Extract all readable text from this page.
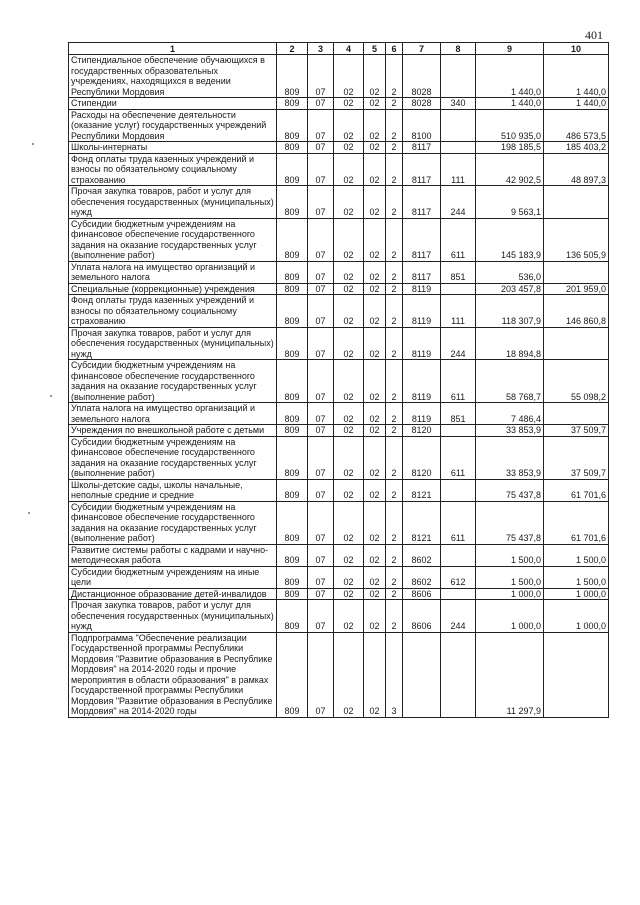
401
1	2	3	4	5	6	7	8	9	10
Стипендиальное обеспечение обучающихся в государственных образовательных учреждениях, находящихся в ведении Республики Мордовия	809	07	02	02	2	8028		1 440,0	1 440,0
Стипендии	809	07	02	02	2	8028	340	1 440,0	1 440,0
Расходы на обеспечение деятельности (оказание услуг) государственных учреждений Республики Мордовия	809	07	02	02	2	8100		510 935,0	486 573,5
Школы-интернаты	809	07	02	02	2	8117		198 185,5	185 403,2
Фонд оплаты труда казенных учреждений и взносы по обязательному социальному страхованию	809	07	02	02	2	8117	111	42 902,5	48 897,3
Прочая закупка товаров, работ и услуг для обеспечения государственных (муниципальных) нужд	809	07	02	02	2	8117	244	9 563,1	
Субсидии бюджетным учреждениям на финансовое обеспечение государственного задания на оказание государственных услуг (выполнение работ)	809	07	02	02	2	8117	611	145 183,9	136 505,9
Уплата налога на имущество организаций и земельного налога	809	07	02	02	2	8117	851	536,0	
Специальные (коррекционные) учреждения	809	07	02	02	2	8119		203 457,8	201 959,0
Фонд оплаты труда казенных учреждений и взносы по обязательному социальному страхованию	809	07	02	02	2	8119	111	118 307,9	146 860,8
Прочая закупка товаров, работ и услуг для обеспечения государственных (муниципальных) нужд	809	07	02	02	2	8119	244	18 894,8	
Субсидии бюджетным учреждениям на финансовое обеспечение государственного задания на оказание государственных услуг (выполнение работ)	809	07	02	02	2	8119	611	58 768,7	55 098,2
Уплата налога на имущество организаций и земельного налога	809	07	02	02	2	8119	851	7 486,4	
Учреждения по внешкольной работе с детьми	809	07	02	02	2	8120		33 853,9	37 509,7
Субсидии бюджетным учреждениям на финансовое обеспечение государственного задания на оказание государственных услуг (выполнение работ)	809	07	02	02	2	8120	611	33 853,9	37 509,7
Школы-детские сады, школы начальные, неполные средние и средние	809	07	02	02	2	8121		75 437,8	61 701,6
Субсидии бюджетным учреждениям на финансовое обеспечение государственного задания на оказание государственных услуг (выполнение работ)	809	07	02	02	2	8121	611	75 437,8	61 701,6
Развитие системы работы с кадрами и научно-методическая работа	809	07	02	02	2	8602		1 500,0	1 500,0
Субсидии бюджетным учреждениям на иные цели	809	07	02	02	2	8602	612	1 500,0	1 500,0
Дистанционное образование детей-инвалидов	809	07	02	02	2	8606		1 000,0	1 000,0
Прочая закупка товаров, работ и услуг для обеспечения государственных (муниципальных) нужд	809	07	02	02	2	8606	244	1 000,0	1 000,0
Подпрограмма "Обеспечение реализации Государственной программы Республики Мордовия "Развитие образования в Республике Мордовия" на 2014-2020 годы и прочие мероприятия в области образования" в рамках Государственной программы Республики Мордовия "Развитие образования в Республике Мордовия" на 2014-2020 годы	809	07	02	02	3			11 297,9	
